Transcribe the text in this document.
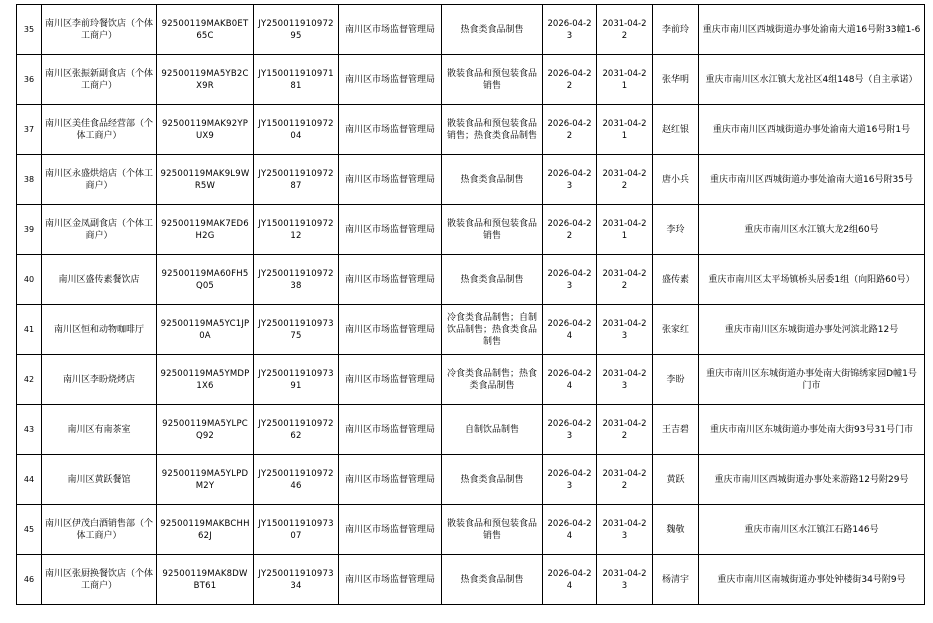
35	南川区李前玲餐饮店（个体工商户）	92500119MAKB0ET65C	JY25001191097295	南川区市场监督管理局	热食类食品制售	2026-04-23	2031-04-22	李前玲	重庆市南川区西城街道办事处渝南大道16号附33幢1-6
36	南川区张振新副食店（个体工商户）	92500119MA5YB2CX9R	JY15001191097181	南川区市场监督管理局	散装食品和预包装食品销售	2026-04-22	2031-04-21	张华明	重庆市南川区水江镇大龙社区4组148号（自主承诺）
37	南川区美佳食品经营部（个体工商户）	92500119MAK92YPUX9	JY15001191097204	南川区市场监督管理局	散装食品和预包装食品销售；热食类食品制售	2026-04-22	2031-04-21	赵红银	重庆市南川区西城街道办事处渝南大道16号附1号
38	南川区永盛烘焙店（个体工商户）	92500119MAK9L9WR5W	JY25001191097287	南川区市场监督管理局	热食类食品制售	2026-04-23	2031-04-22	唐小兵	重庆市南川区西城街道办事处渝南大道16号附35号
39	南川区金凤副食店（个体工商户）	92500119MAK7ED6H2G	JY15001191097212	南川区市场监督管理局	散装食品和预包装食品销售	2026-04-22	2031-04-21	李玲	重庆市南川区水江镇大龙2组60号
40	南川区盛传素餐饮店	92500119MA60FH5Q05	JY25001191097238	南川区市场监督管理局	热食类食品制售	2026-04-23	2031-04-22	盛传素	重庆市南川区太平场镇桥头居委1组（向阳路60号）
41	南川区恒和动物咖啡厅	92500119MA5YC1JP0A	JY25001191097375	南川区市场监督管理局	冷食类食品制售；自制饮品制售；热食类食品制售	2026-04-24	2031-04-23	张家红	重庆市南川区东城街道办事处河滨北路12号
42	南川区李盼烧烤店	92500119MA5YMDP1X6	JY25001191097391	南川区市场监督管理局	冷食类食品制售；热食类食品制售	2026-04-24	2031-04-23	李盼	重庆市南川区东城街道办事处南大街锦绣家园D幢1号门市
43	南川区有南茶室	92500119MA5YLPCQ92	JY25001191097262	南川区市场监督管理局	自制饮品制售	2026-04-23	2031-04-22	王吉碧	重庆市南川区东城街道办事处南大街93号31号门市
44	南川区黄跃餐馆	92500119MA5YLPDM2Y	JY25001191097246	南川区市场监督管理局	热食类食品制售	2026-04-23	2031-04-22	黄跃	重庆市南川区西城街道办事处来游路12号附29号
45	南川区伊茂白酒销售部（个体工商户）	92500119MAKBCHH62J	JY15001191097307	南川区市场监督管理局	散装食品和预包装食品销售	2026-04-24	2031-04-23	魏敬	重庆市南川区水江镇江石路146号
46	南川区张厨换餐饮店（个体工商户）	92500119MAK8DWBT61	JY25001191097334	南川区市场监督管理局	热食类食品制售	2026-04-24	2031-04-23	杨清宇	重庆市南川区南城街道办事处钟楼街34号附9号
